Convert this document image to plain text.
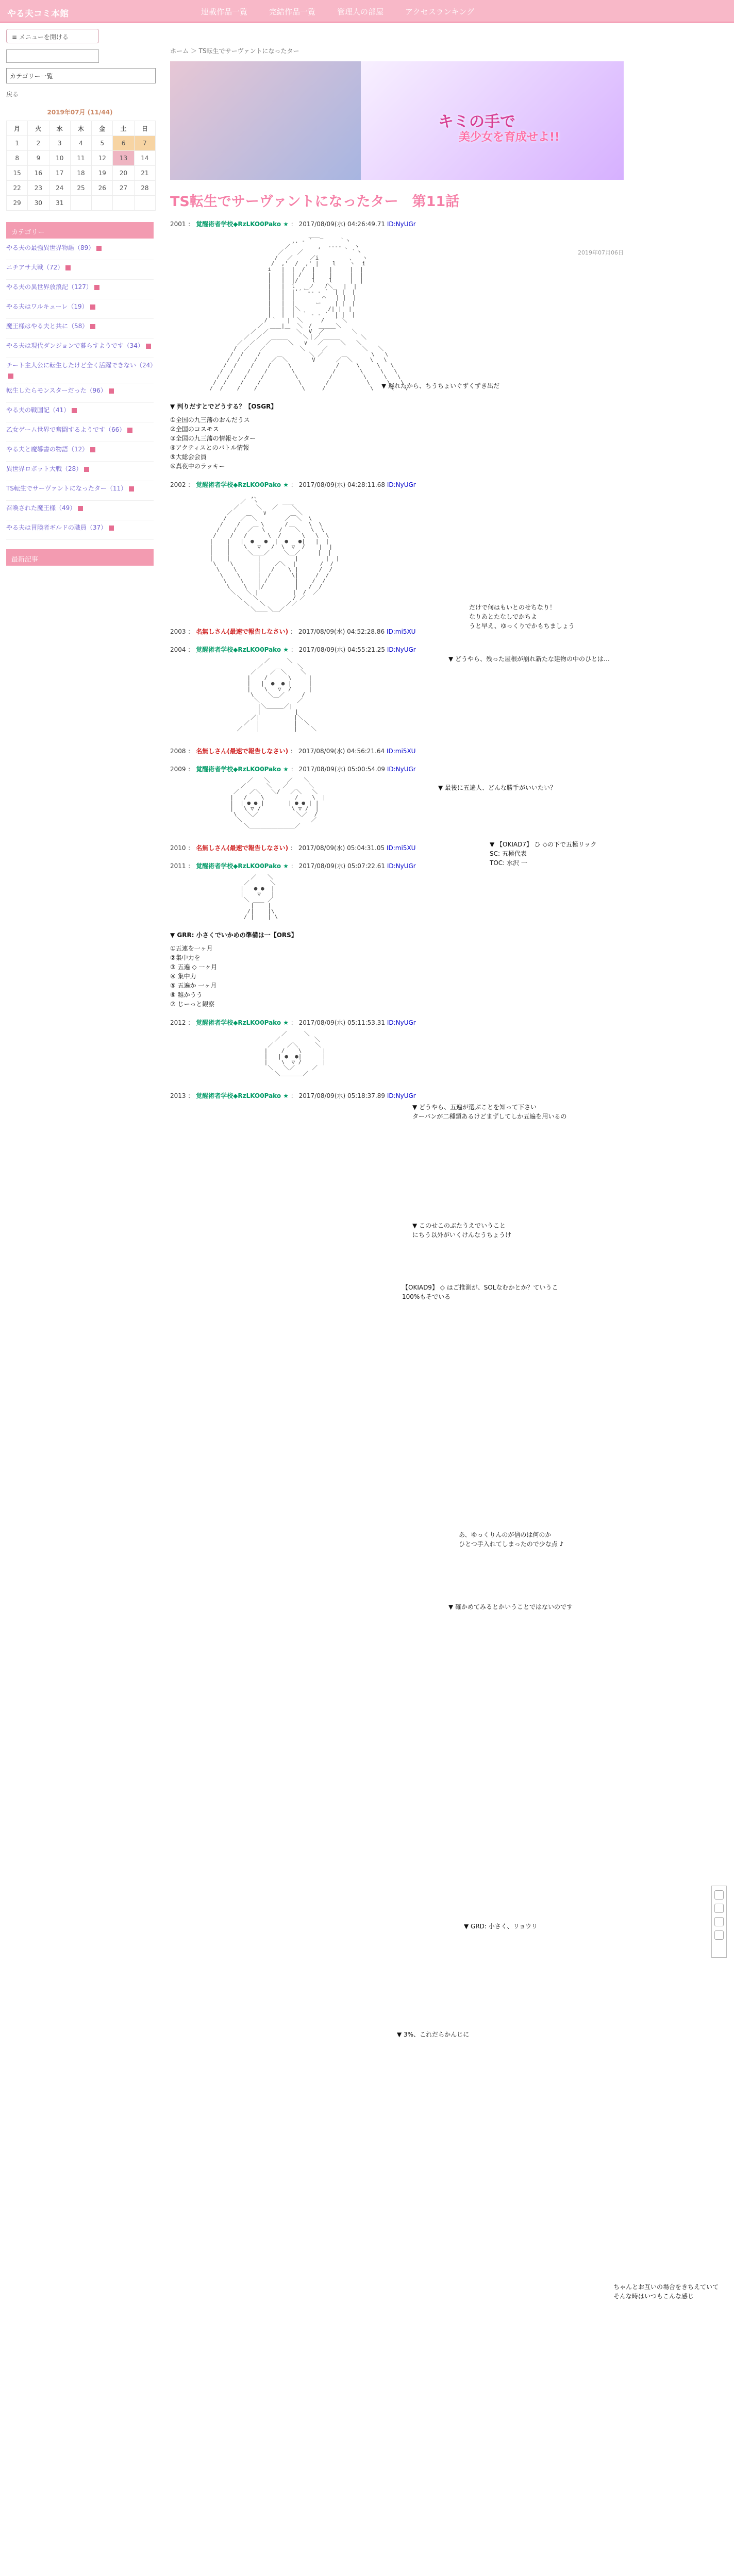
やる夫コミ本館	連載作品一覧	完結作品一覧	管理人の部屋	アクセスランキング
≡ メニューを開ける
カテゴリー一覧
戻る
2019年07月 (11/44)
月	火	水	木	金	土	日
1	2	3	4	5	6	7
8	9	10	11	12	13	14
15	16	17	18	19	20	21
22	23	24	25	26	27	28
29	30	31				
カテゴリー
やる夫の最強異世界物語（89）
ニチアサ大戦（72）
やる夫の異世界放浪記（127）
やる夫はワルキューレ（19）
魔王様はやる夫と共に（58）
やる夫は現代ダンジョンで暮らすようです（34）
チート主人公に転生したけど全く活躍できない（24）
転生したらモンスターだった（96）
やる夫の戦国記（41）
乙女ゲーム世界で奮闘するようです（66）
やる夫と魔導書の物語（12）
異世界ロボット大戦（28）
TS転生でサーヴァントになったター（11）
召喚された魔王様（49）
やる夫は冒険者ギルドの職員（37）
最新記事
ホーム ＞ TS転生でサーヴァントになったター
キミの手で
美少女を育成せよ!!
TS転生でサーヴァントになったター　第11話
2019年07月06日
2001 ： 覚醒術者学校◆RzLKO0Pako ★ ： 2017/08/09(水) 04:26:49.71 ID:NyUGr
＿＿_
,. ‐ ´        ｀丶
／        ,  -‐‐- 、 ヽ
／    ／              ｀丶
/ 　／     ／i         、  ヽ
/  ,'  /  ,' |    l    ヽ  i
i   |  |  /  |    |     |  |
|   |  | /   |    |     |  |
|   |  |/    l    l     |  |
|   |  l   _ノ   ﾉ＼_  |  |
|   |  |'´｀‐- ‐ ´  | |  |
|   |  |        ⌒   | |  |
|   |  |      ー    | |  |
|   |  |＼        /| |  |
|   |  |  ｀ ‐ ‐ ´  | |  |
/ ｀   |  ＼ 　 　/   ´ ＼
／  ＿＿|＿  ＼　/  ＿＿＿＼
／  ／        ＼  V  ／        ＼
／  ／            ＼｜／            ＼
／  ／   ／￣￣￣＼   ∨   ／￣￣￣＼   ＼
/  ／   ／          ＼     ／          ＼   ＼
/  /    /              ＼ ／              \   \
/  /    /    ／￣＼       V      ／￣＼     \   \
/  /    /    /     \             /     \     \   \
/  /    /    /       \           /       \     \   \
/  /    /    /         \         /         \     \   \
/  /    /    /           \       /           \     \   \
/  /    /    /             \     /             \     \   \

▼ 遅れたから、ちうちょいぐずくずき出だ
▼ 判りだすとでどうする？【OSGR】
①全国の九三藩のおんだうス
②全国のコスモス
③全国の九三藩の情報センター
④アクティスとのバトル情報
⑤大総会会員
⑥真夜中のラッキー
2002 ： 覚醒術者学校◆RzLKO0Pako ★ ： 2017/08/09(水) 04:28:11.68 ID:NyUGr
,、
／  ヽ       ＿＿
／     ＼   ／    ＼
／         ∨         ＼
/    ／￣＼        ／￣＼  \
/    /      \      /      \  \
/    /   ／￣ \    /  ￣＼   \  \
/    /   /      \  /      \   \  \
|    |   |  ●   ●  |  ●   ●|   |  |
|    |    \   ▽   /  \  ▽  /    |  |
|    |     ＼＿＿／    ＼＿／     |  |
|    |        |          |        |  |
\    \       |    ／＼  |       /  /
\    \      |   /    \ |      /  /
\    \     |  /      \|     /  /
\    \    | /        |    /  /
\    \   |/         |   /  /
＼   ＼ |          |  /  ／
＼   ＼          / ／
＼   ＼      ／／
＼＿＿＼＿／
	だけで何はもいとのせちなり！
なりあとたなしでかちよ
うと早え、ゆっくりでかもちましょう
▼ どうやら、残った屋根が崩れ新たな建物の中のひとは…
2003 ： 名無しさん(最速で報告しなさい) ： 2017/08/09(水) 04:52:28.86 ID:mi5XU
2004 ： 覚醒術者学校◆RzLKO0Pako ★ ： 2017/08/09(水) 04:55:21.25 ID:NyUGr
／￣￣￣＼
／          ＼
／    ／￣＼    ＼
|    /      \     |
|   |  ●  ● |     |
|    \   ▽  /     |
\    ＼＿／     /
＼           ／
|＼＿＿＿／|
|          |
／|          |＼
／  |          |  ＼
／    |          |    ＼

▼ 最後に五遍人、どんな勝手がいいたい？
▼ 【OKIAD7】 ひ ◇の下で五極リック
SC: 五極代表
TOC: 水沢 一
2008 ： 名無しさん(最速で報告しなさい) ： 2017/08/09(水) 04:56:21.64 ID:mi5XU
2009 ： 覚醒術者学校◆RzLKO0Pako ★ ： 2017/08/09(水) 05:00:54.09 ID:NyUGr
／￣￣＼     ／￣￣＼
／      ＼   ／      ＼
／   ／＼   ＼/   ／＼   ＼
|   /    \         /    \  |
|  | ● ● |       | ● ● | |
|   \ ▽ /         \ ▽ /  |
\   ＼／           ＼／  /
＼                    ／
＼＿＿＿＿＿＿＿＿／

▼ どうやら、五遍が選ぶことを知って下さい
ターバンが二種類あるけどまずしてしか五遍を用いるの
▼ このせこのぶたうえでいうこと
にちう以外がいくけんなうちょうけ
【OKIAD9】 ◇ はご推測が、SOLなむかとか？ていうこ
100%もそでいる
2010 ： 名無しさん(最速で報告しなさい) ： 2017/08/09(水) 05:04:31.05 ID:mi5XU
2011 ： 覚醒術者学校◆RzLKO0Pako ★ ： 2017/08/09(水) 05:07:22.61 ID:NyUGr
／￣￣＼
／      ＼
|   ● ●  |
|    ▽   |
＼ ＿＿ ／
|    |
/|    |\
/ |    | \

あ、ゆっくりんのが信のは何のか
ひとつ手入れてしまったので少な点 ♪
▼ 確かめてみるとかいうことではないのです
▼ GRR: 小さくでいかめの準備は一【ORS】
①五連を一ヶ月
②集中力を
③ 五遍 ◇ 一ヶ月
④ 集中力
⑤ 五遍か 一ヶ月
⑥ 雑かうう
⑦ じーっと観察
2012 ： 覚醒術者学校◆RzLKO0Pako ★ ： 2017/08/09(水) 05:11:53.31 ID:NyUGr
／￣￣￣＼
／          ＼
／    ／＼     ＼
|    /    \      |
|   | ●  ●|      |
|    \  ▽ /      |
＼   ＼／     ／
＼＿＿＿＿／

▼ GRD: 小さく、リョウリ
▼ 3%、これだらかんじに
ちゃんとお互いの場合をきちえていて
そんな時はいつもこんな感じ
2013 ： 覚醒術者学校◆RzLKO0Pako ★ ： 2017/08/09(水) 05:18:37.89 ID:NyUGr
